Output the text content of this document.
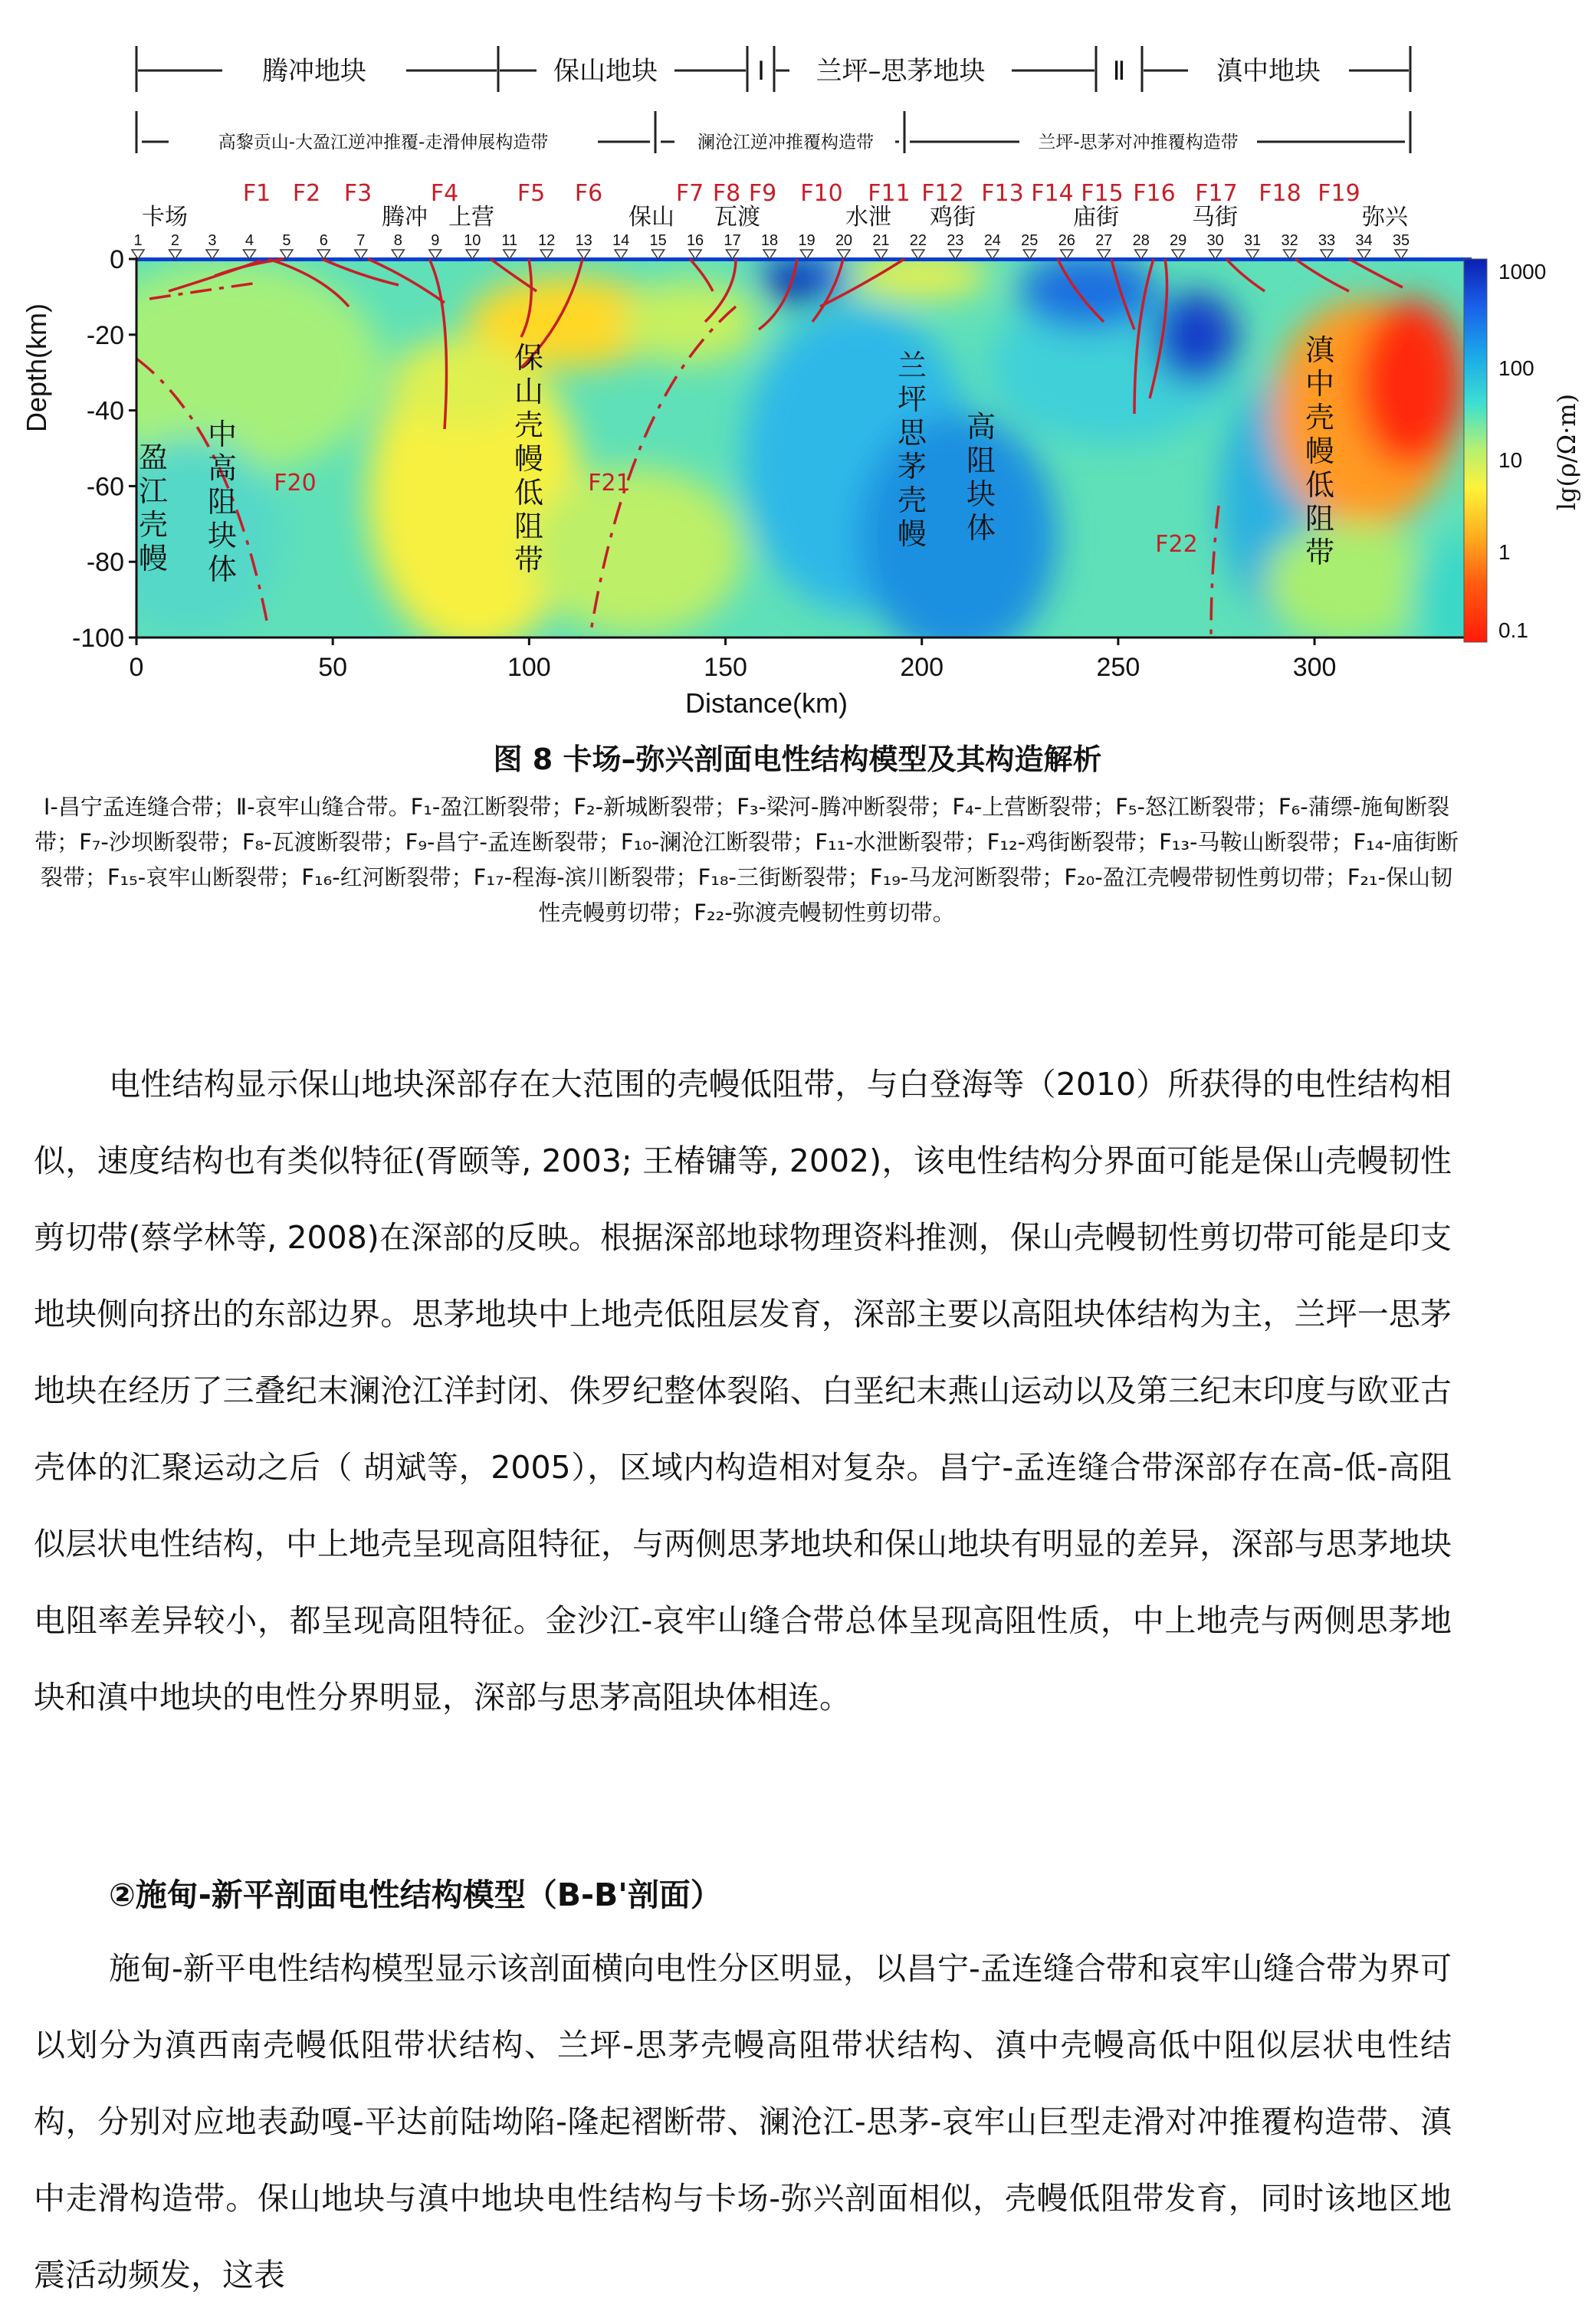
腾冲地块	保山地块	Ⅰ 兰坪–思茅地块	Ⅱ	滇中地块
高黎贡山-大盈江逆冲推覆-走滑伸展构造带	澜沧江逆冲推覆构造带	兰坪-思茅对冲推覆构造带
F1 F2 F3	F4	F5 F6	F7 F8 F9 F10 F11 F12 F13 F14 F15 F16 F17 F18 F19
卡场	腾冲 上营	保山 瓦渡	水泄 鸡街	庙街	马街	弥兴
1 2 3 4 5 6 7 8 9 10 11 12 13 14 15 16 17 18 19 20 21 22 23 24 25 26 27 28 29 30 31 32 33 34 35
盈江壳幔
中高阻块体
保山壳幔低阻带
兰坪思茅壳幔
高阻块体
滇中壳幔低阻带
F20	F21
F22
0
-20
-40
-60
-80
-100
0	50	100	150	200	250	300
Depth(km)
Distance(km)
1000
100
10
1
0.1
lg(ρ/Ω·m)
图 8 卡场–弥兴剖面电性结构模型及其构造解析
Ⅰ-昌宁孟连缝合带；Ⅱ-哀牢山缝合带。F₁-盈江断裂带；F₂-新城断裂带；F₃-梁河-腾冲断裂带；F₄-上营断裂带；F₅-怒江断裂带；F₆-蒲缥-施甸断裂带；F₇-沙坝断裂带；F₈-瓦渡断裂带；F₉-昌宁-孟连断裂带；F₁₀-澜沧江断裂带；F₁₁-水泄断裂带；F₁₂-鸡街断裂带；F₁₃-马鞍山断裂带；F₁₄-庙街断裂带；F₁₅-哀牢山断裂带；F₁₆-红河断裂带；F₁₇-程海-滨川断裂带；F₁₈-三街断裂带；F₁₉-马龙河断裂带；F₂₀-盈江壳幔带韧性剪切带；F₂₁-保山韧性壳幔剪切带；F₂₂-弥渡壳幔韧性剪切带。

电性结构显示保山地块深部存在大范围的壳幔低阻带，与白登海等（2010）所获得的电性结构相似，速度结构也有类似特征(胥颐等, 2003; 王椿镛等, 2002)，该电性结构分界面可能是保山壳幔韧性剪切带(蔡学林等, 2008)在深部的反映。根据深部地球物理资料推测，保山壳幔韧性剪切带可能是印支地块侧向挤出的东部边界。思茅地块中上地壳低阻层发育，深部主要以高阻块体结构为主，兰坪一思茅地块在经历了三叠纪末澜沧江洋封闭、侏罗纪整体裂陷、白垩纪末燕山运动以及第三纪末印度与欧亚古壳体的汇聚运动之后（ 胡斌等，2005），区域内构造相对复杂。昌宁-孟连缝合带深部存在高-低-高阻似层状电性结构，中上地壳呈现高阻特征，与两侧思茅地块和保山地块有明显的差异，深部与思茅地块电阻率差异较小，都呈现高阻特征。金沙江-哀牢山缝合带总体呈现高阻性质，中上地壳与两侧思茅地块和滇中地块的电性分界明显，深部与思茅高阻块体相连。

②施甸-新平剖面电性结构模型（B-B'剖面）

施甸-新平电性结构模型显示该剖面横向电性分区明显，以昌宁-孟连缝合带和哀牢山缝合带为界可以划分为滇西南壳幔低阻带状结构、兰坪-思茅壳幔高阻带状结构、滇中壳幔高低中阻似层状电性结构，分别对应地表勐嘎-平达前陆坳陷-隆起褶断带、澜沧江-思茅-哀牢山巨型走滑对冲推覆构造带、滇中走滑构造带。保山地块与滇中地块电性结构与卡场-弥兴剖面相似，壳幔低阻带发育，同时该地区地震活动频发，这表
